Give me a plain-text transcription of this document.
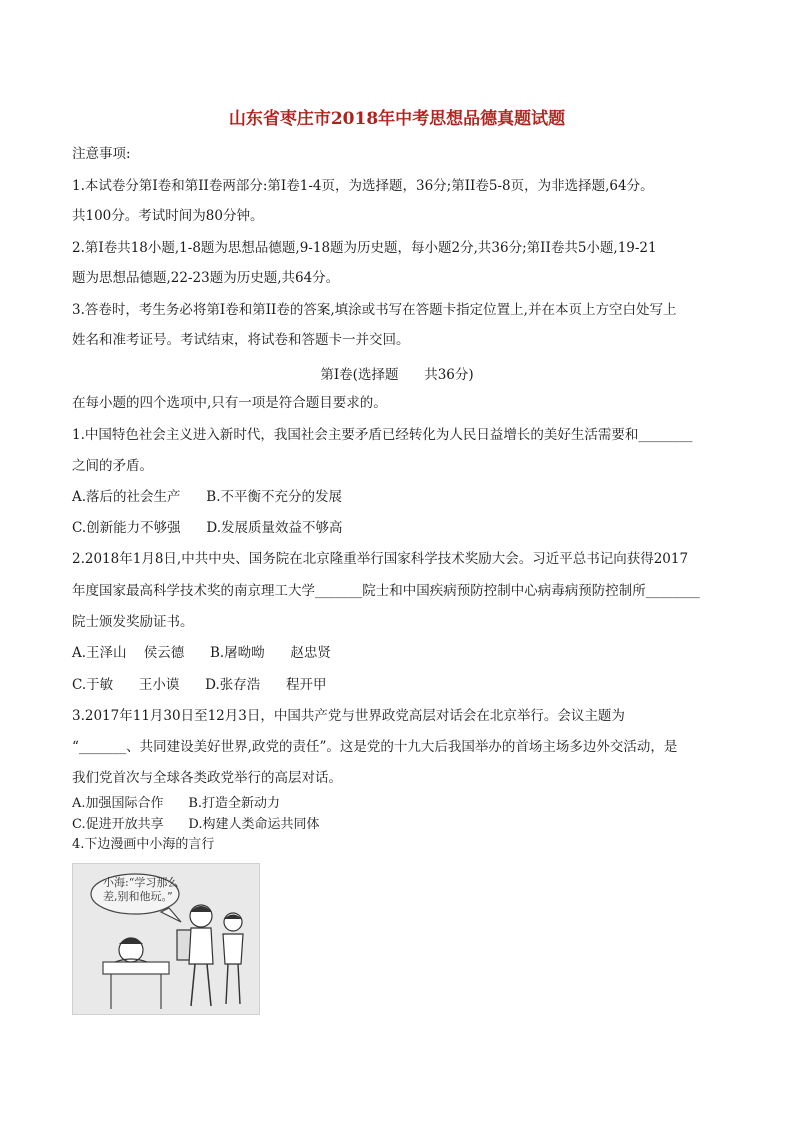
山东省枣庄市2018年中考思想品德真题试题
注意事项:
1.本试卷分第I卷和第II卷两部分:第I卷1-4页，为选择题，36分;第II卷5-8页，为非选择题,64分。
共100分。考试时间为80分钟。
2.第I卷共18小题,1-8题为思想品德题,9-18题为历史题，每小题2分,共36分;第II卷共5小题,19-21
题为思想品德题,22-23题为历史题,共64分。
3.答卷时，考生务必将第I卷和第II卷的答案,填涂或书写在答题卡指定位置上,并在本页上方空白处写上
姓名和准考证号。考试结束，将试卷和答题卡一并交回。
第I卷(选择题      共36分)
在每小题的四个选项中,只有一项是符合题目要求的。
1.中国特色社会主义进入新时代，我国社会主要矛盾已经转化为人民日益增长的美好生活需要和________
之间的矛盾。
A.落后的社会生产      B.不平衡不充分的发展
C.创新能力不够强      D.发展质量效益不够高
2.2018年1月8日,中共中央、国务院在北京隆重举行国家科学技术奖励大会。习近平总书记向获得2017
年度国家最高科学技术奖的南京理工大学_______院士和中国疾病预防控制中心病毒病预防控制所________
院士颁发奖励证书。
A.王泽山    侯云德      B.屠呦呦      赵忠贤
C.于敏      王小谟      D.张存浩      程开甲
3.2017年11月30日至12月3日，中国共产党与世界政党高层对话会在北京举行。会议主题为
“_______、共同建设美好世界,政党的责任”。这是党的十九大后我国举办的首场主场多边外交活动，是
我们党首次与全球各类政党举行的高层对话。
A.加强国际合作      B.打造全新动力
C.促进开放共享      D.构建人类命运共同体
4.下边漫画中小海的言行
小海:“学习那么
差,别和他玩。”
